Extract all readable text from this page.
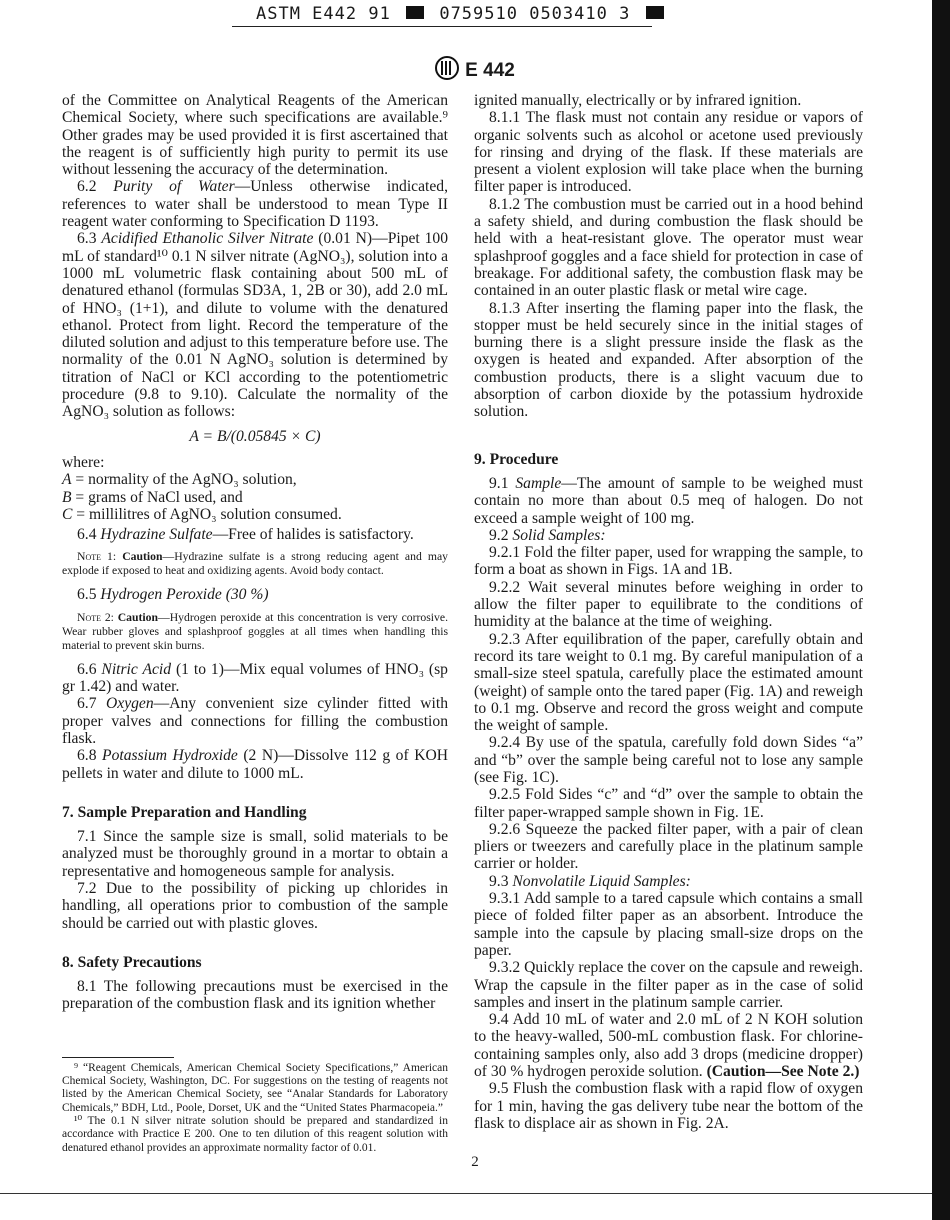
ASTM E442 91	0759510 0503410 3
E 442

of the Committee on Analytical Reagents of the American Chemical Society, where such specifications are available.⁹ Other grades may be used provided it is first ascertained that the reagent is of sufficiently high purity to permit its use without lessening the accuracy of the determination.

6.2 Purity of Water—Unless otherwise indicated, references to water shall be understood to mean Type II reagent water conforming to Specification D 1193.

6.3 Acidified Ethanolic Silver Nitrate (0.01 N)—Pipet 100 mL of standard¹⁰ 0.1 N silver nitrate (AgNO₃), solution into a 1000 mL volumetric flask containing about 500 mL of denatured ethanol (formulas SD3A, 1, 2B or 30), add 2.0 mL of HNO₃ (1+1), and dilute to volume with the denatured ethanol. Protect from light. Record the temperature of the diluted solution and adjust to this temperature before use. The normality of the 0.01 N AgNO₃ solution is determined by titration of NaCl or KCl according to the potentiometric procedure (9.8 to 9.10). Calculate the normality of the AgNO₃ solution as follows:

A = B/(0.05845 × C)

where:

A = normality of the AgNO₃ solution,

B = grams of NaCl used, and

C = millilitres of AgNO₃ solution consumed.

6.4 Hydrazine Sulfate—Free of halides is satisfactory.

Note 1: Caution—Hydrazine sulfate is a strong reducing agent and may explode if exposed to heat and oxidizing agents. Avoid body contact.

6.5 Hydrogen Peroxide (30 %)

Note 2: Caution—Hydrogen peroxide at this concentration is very corrosive. Wear rubber gloves and splashproof goggles at all times when handling this material to prevent skin burns.

6.6 Nitric Acid (1 to 1)—Mix equal volumes of HNO₃ (sp gr 1.42) and water.

6.7 Oxygen—Any convenient size cylinder fitted with proper valves and connections for filling the combustion flask.

6.8 Potassium Hydroxide (2 N)—Dissolve 112 g of KOH pellets in water and dilute to 1000 mL.

7. Sample Preparation and Handling

7.1 Since the sample size is small, solid materials to be analyzed must be thoroughly ground in a mortar to obtain a representative and homogeneous sample for analysis.

7.2 Due to the possibility of picking up chlorides in handling, all operations prior to combustion of the sample should be carried out with plastic gloves.

8. Safety Precautions

8.1 The following precautions must be exercised in the preparation of the combustion flask and its ignition whether

⁹ “Reagent Chemicals, American Chemical Society Specifications,” American Chemical Society, Washington, DC. For suggestions on the testing of reagents not listed by the American Chemical Society, see “Analar Standards for Laboratory Chemicals,” BDH, Ltd., Poole, Dorset, UK and the “United States Pharmacopeia.”

¹⁰ The 0.1 N silver nitrate solution should be prepared and standardized in accordance with Practice E 200. One to ten dilution of this reagent solution with denatured ethanol provides an approximate normality factor of 0.01.

ignited manually, electrically or by infrared ignition.

8.1.1 The flask must not contain any residue or vapors of organic solvents such as alcohol or acetone used previously for rinsing and drying of the flask. If these materials are present a violent explosion will take place when the burning filter paper is introduced.

8.1.2 The combustion must be carried out in a hood behind a safety shield, and during combustion the flask should be held with a heat-resistant glove. The operator must wear splashproof goggles and a face shield for protection in case of breakage. For additional safety, the combustion flask may be contained in an outer plastic flask or metal wire cage.

8.1.3 After inserting the flaming paper into the flask, the stopper must be held securely since in the initial stages of burning there is a slight pressure inside the flask as the oxygen is heated and expanded. After absorption of the combustion products, there is a slight vacuum due to absorption of carbon dioxide by the potassium hydroxide solution.

9. Procedure

9.1 Sample—The amount of sample to be weighed must contain no more than about 0.5 meq of halogen. Do not exceed a sample weight of 100 mg.

9.2 Solid Samples:

9.2.1 Fold the filter paper, used for wrapping the sample, to form a boat as shown in Figs. 1A and 1B.

9.2.2 Wait several minutes before weighing in order to allow the filter paper to equilibrate to the conditions of humidity at the balance at the time of weighing.

9.2.3 After equilibration of the paper, carefully obtain and record its tare weight to 0.1 mg. By careful manipulation of a small-size steel spatula, carefully place the estimated amount (weight) of sample onto the tared paper (Fig. 1A) and reweigh to 0.1 mg. Observe and record the gross weight and compute the weight of sample.

9.2.4 By use of the spatula, carefully fold down Sides “a” and “b” over the sample being careful not to lose any sample (see Fig. 1C).

9.2.5 Fold Sides “c” and “d” over the sample to obtain the filter paper-wrapped sample shown in Fig. 1E.

9.2.6 Squeeze the packed filter paper, with a pair of clean pliers or tweezers and carefully place in the platinum sample carrier or holder.

9.3 Nonvolatile Liquid Samples:

9.3.1 Add sample to a tared capsule which contains a small piece of folded filter paper as an absorbent. Introduce the sample into the capsule by placing small-size drops on the paper.

9.3.2 Quickly replace the cover on the capsule and reweigh. Wrap the capsule in the filter paper as in the case of solid samples and insert in the platinum sample carrier.

9.4 Add 10 mL of water and 2.0 mL of 2 N KOH solution to the heavy-walled, 500-mL combustion flask. For chlorine-containing samples only, also add 3 drops (medicine dropper) of 30 % hydrogen peroxide solution. (Caution—See Note 2.)

9.5 Flush the combustion flask with a rapid flow of oxygen for 1 min, having the gas delivery tube near the bottom of the flask to displace air as shown in Fig. 2A.

2
